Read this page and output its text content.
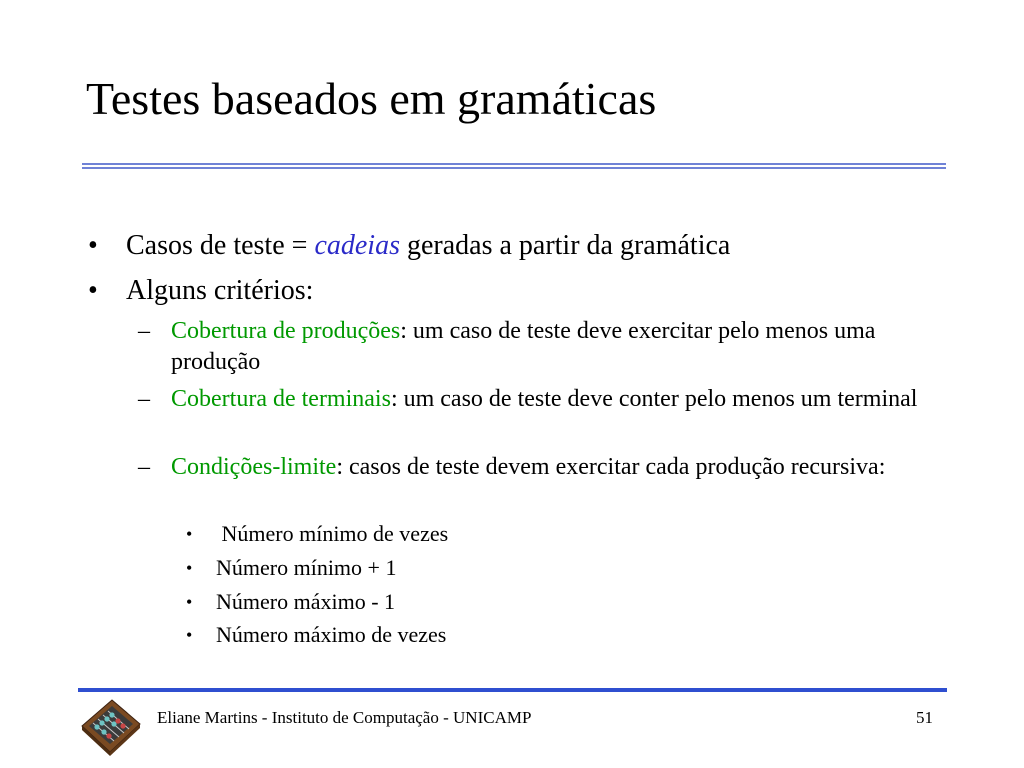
Testes baseados em gramáticas
• Casos de teste = cadeias geradas a partir da gramática
• Alguns critérios:
– Cobertura de produções: um caso de teste deve exercitar pelo menos uma produção
– Cobertura de terminais: um caso de teste deve conter pelo menos um terminal
– Condições-limite: casos de teste devem exercitar cada produção recursiva:
• Número mínimo de vezes
• Número mínimo + 1
• Número máximo - 1
• Número máximo de vezes
Eliane Martins - Instituto de Computação - UNICAMP	51
